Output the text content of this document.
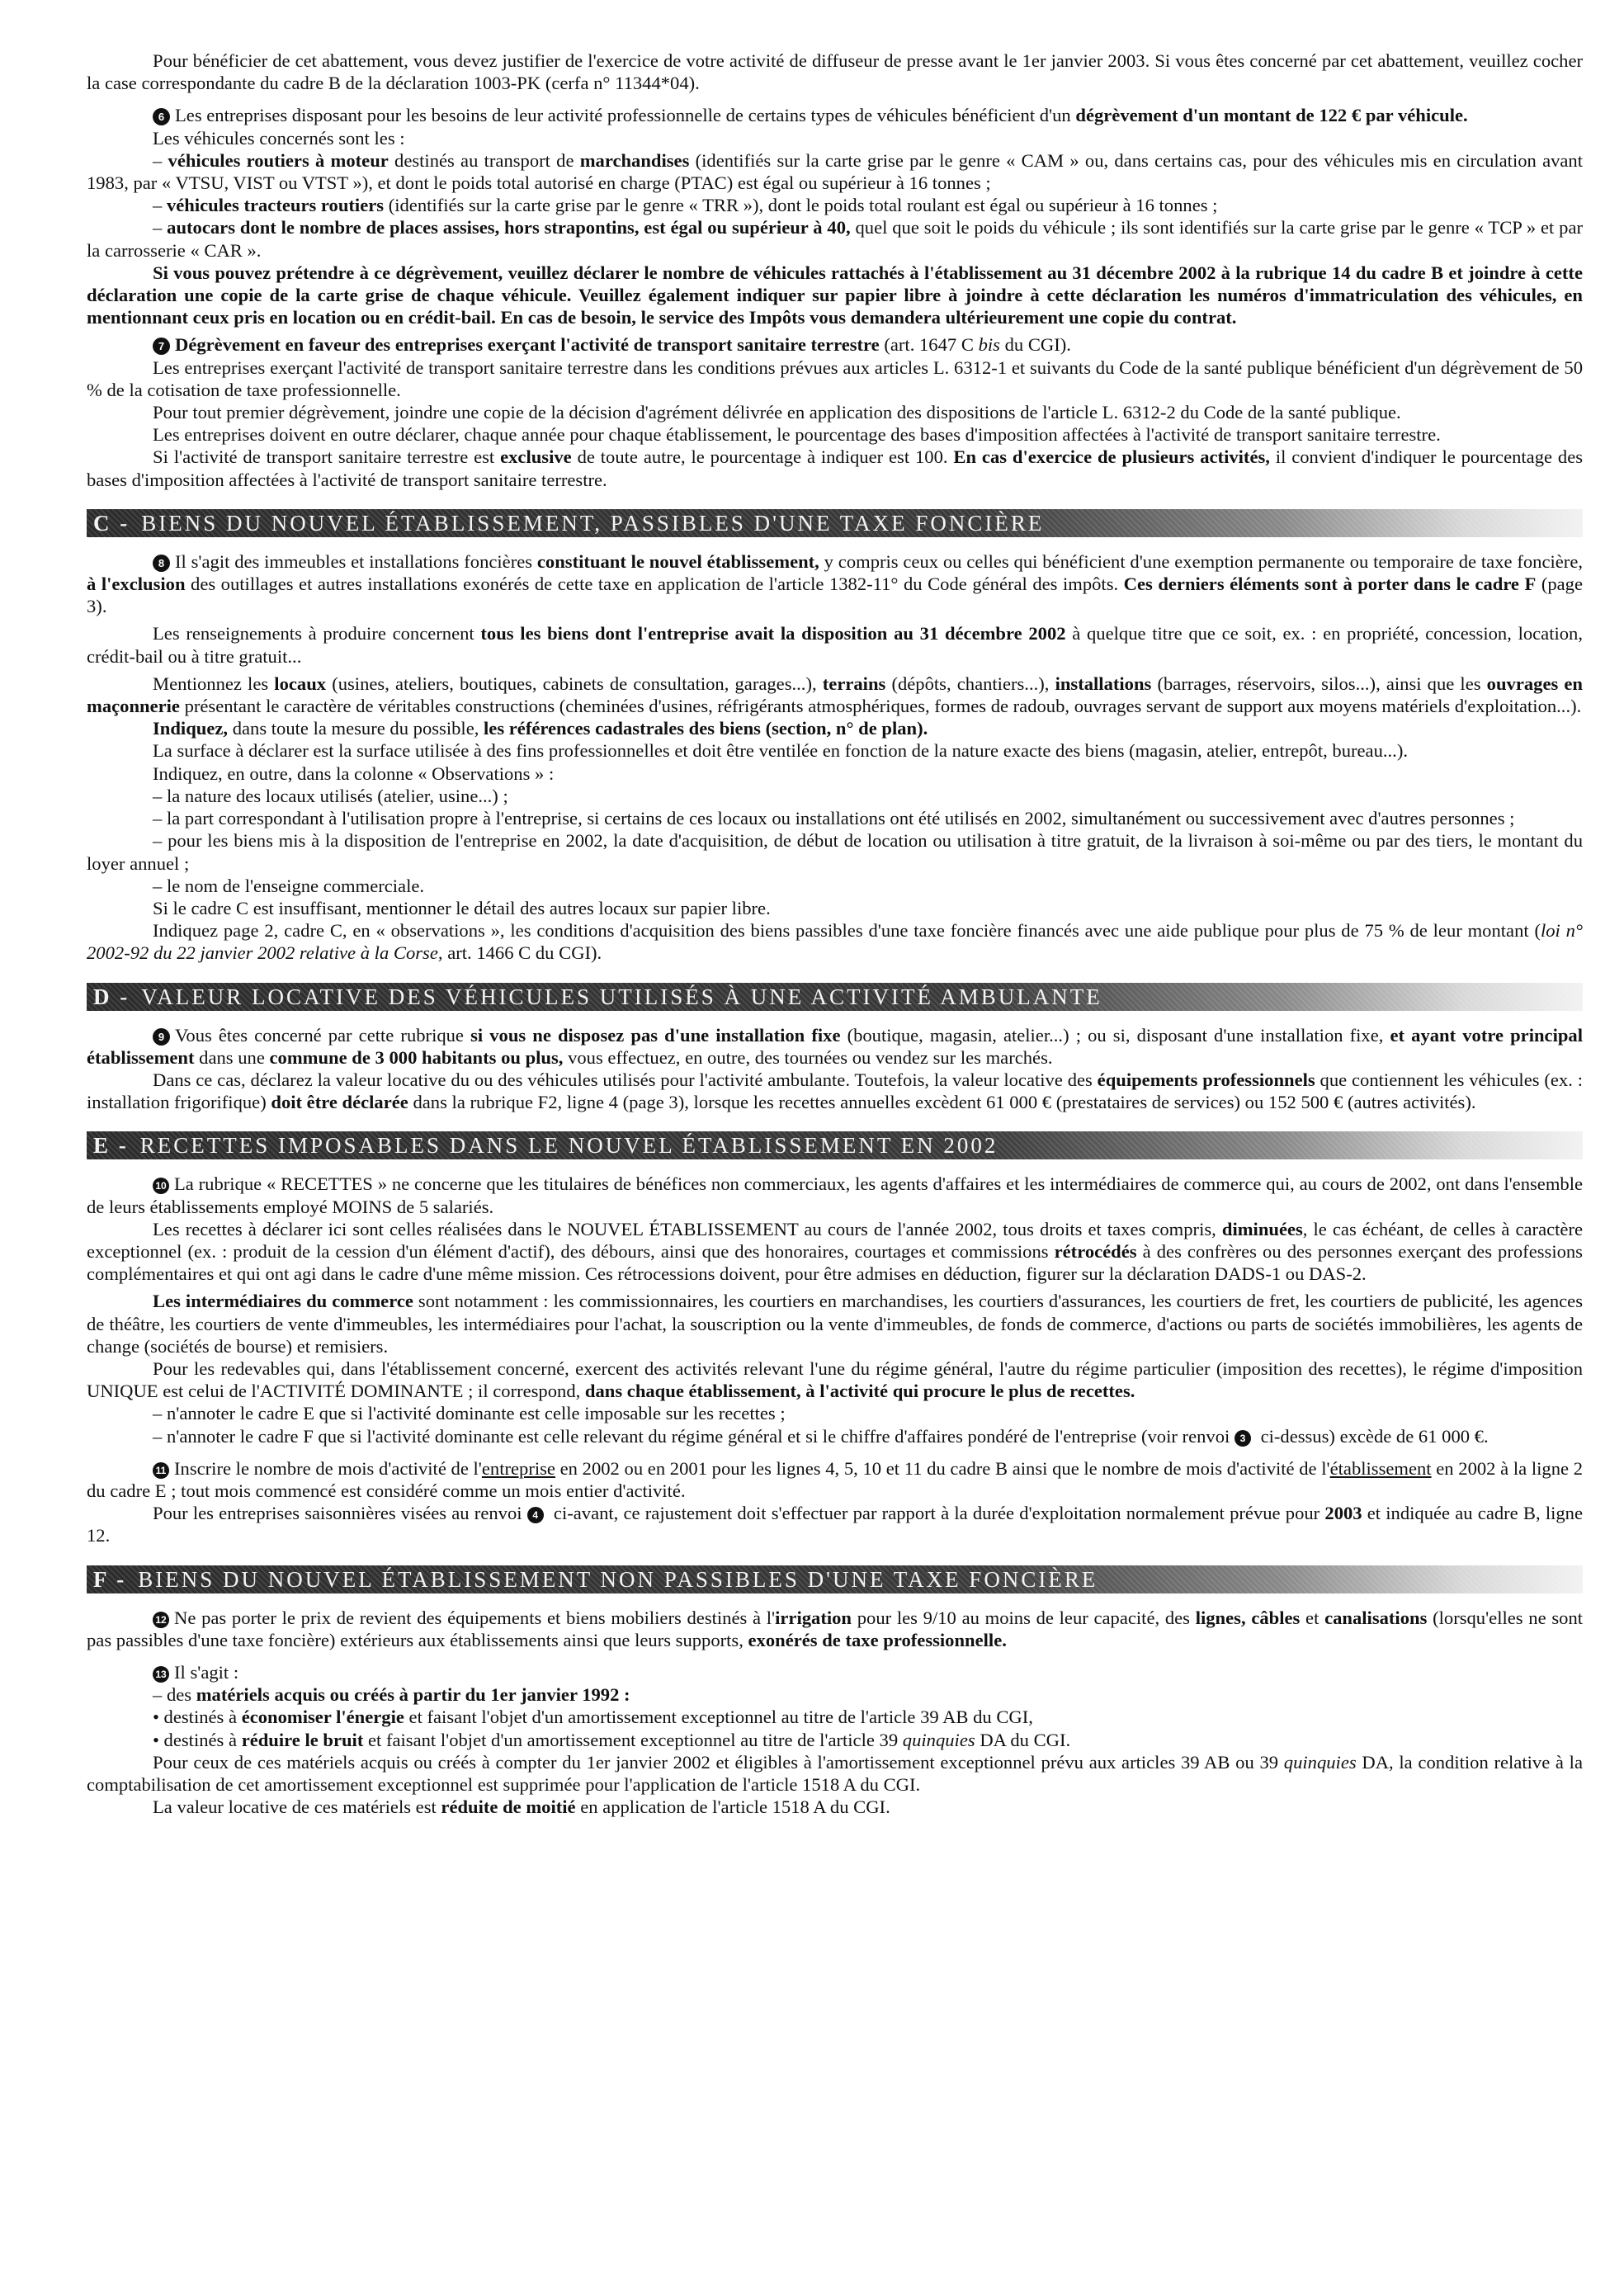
Pour bénéficier de cet abattement, vous devez justifier de l'exercice de votre activité de diffuseur de presse avant le 1er janvier 2003. Si vous êtes concerné par cet abattement, veuillez cocher la case correspondante du cadre B de la déclaration 1003-PK (cerfa n° 11344*04).

6 Les entreprises disposant pour les besoins de leur activité professionnelle de certains types de véhicules bénéficient d'un dégrèvement d'un montant de 122 € par véhicule.

Les véhicules concernés sont les :

– véhicules routiers à moteur destinés au transport de marchandises (identifiés sur la carte grise par le genre « CAM » ou, dans certains cas, pour des véhicules mis en circulation avant 1983, par « VTSU, VIST ou VTST »), et dont le poids total autorisé en charge (PTAC) est égal ou supérieur à 16 tonnes ;

– véhicules tracteurs routiers (identifiés sur la carte grise par le genre « TRR »), dont le poids total roulant est égal ou supérieur à 16 tonnes ;

– autocars dont le nombre de places assises, hors strapontins, est égal ou supérieur à 40, quel que soit le poids du véhicule ; ils sont identifiés sur la carte grise par le genre « TCP » et par la carrosserie « CAR ».

Si vous pouvez prétendre à ce dégrèvement, veuillez déclarer le nombre de véhicules rattachés à l'établissement au 31 décembre 2002 à la rubrique 14 du cadre B et joindre à cette déclaration une copie de la carte grise de chaque véhicule. Veuillez également indiquer sur papier libre à joindre à cette déclaration les numéros d'immatriculation des véhicules, en mentionnant ceux pris en location ou en crédit-bail. En cas de besoin, le service des Impôts vous demandera ultérieurement une copie du contrat.

7 Dégrèvement en faveur des entreprises exerçant l'activité de transport sanitaire terrestre (art. 1647 C bis du CGI).

Les entreprises exerçant l'activité de transport sanitaire terrestre dans les conditions prévues aux articles L. 6312-1 et suivants du Code de la santé publique bénéficient d'un dégrèvement de 50 % de la cotisation de taxe professionnelle.

Pour tout premier dégrèvement, joindre une copie de la décision d'agrément délivrée en application des dispositions de l'article L. 6312-2 du Code de la santé publique.

Les entreprises doivent en outre déclarer, chaque année pour chaque établissement, le pourcentage des bases d'imposition affectées à l'activité de transport sanitaire terrestre.

Si l'activité de transport sanitaire terrestre est exclusive de toute autre, le pourcentage à indiquer est 100. En cas d'exercice de plusieurs activités, il convient d'indiquer le pourcentage des bases d'imposition affectées à l'activité de transport sanitaire terrestre.

C - BIENS DU NOUVEL ÉTABLISSEMENT, PASSIBLES D'UNE TAXE FONCIÈRE

8 Il s'agit des immeubles et installations foncières constituant le nouvel établissement, y compris ceux ou celles qui bénéficient d'une exemption permanente ou temporaire de taxe foncière, à l'exclusion des outillages et autres installations exonérés de cette taxe en application de l'article 1382-11° du Code général des impôts. Ces derniers éléments sont à porter dans le cadre F (page 3).

Les renseignements à produire concernent tous les biens dont l'entreprise avait la disposition au 31 décembre 2002 à quelque titre que ce soit, ex. : en propriété, concession, location, crédit-bail ou à titre gratuit...

Mentionnez les locaux (usines, ateliers, boutiques, cabinets de consultation, garages...), terrains (dépôts, chantiers...), installations (barrages, réservoirs, silos...), ainsi que les ouvrages en maçonnerie présentant le caractère de véritables constructions (cheminées d'usines, réfrigérants atmosphériques, formes de radoub, ouvrages servant de support aux moyens matériels d'exploitation...).

Indiquez, dans toute la mesure du possible, les références cadastrales des biens (section, n° de plan).

La surface à déclarer est la surface utilisée à des fins professionnelles et doit être ventilée en fonction de la nature exacte des biens (magasin, atelier, entrepôt, bureau...).

Indiquez, en outre, dans la colonne « Observations » :

– la nature des locaux utilisés (atelier, usine...) ;

– la part correspondant à l'utilisation propre à l'entreprise, si certains de ces locaux ou installations ont été utilisés en 2002, simultanément ou successivement avec d'autres personnes ;

– pour les biens mis à la disposition de l'entreprise en 2002, la date d'acquisition, de début de location ou utilisation à titre gratuit, de la livraison à soi-même ou par des tiers, le montant du loyer annuel ;

– le nom de l'enseigne commerciale.

Si le cadre C est insuffisant, mentionner le détail des autres locaux sur papier libre.

Indiquez page 2, cadre C, en « observations », les conditions d'acquisition des biens passibles d'une taxe foncière financés avec une aide publique pour plus de 75 % de leur montant (loi n° 2002-92 du 22 janvier 2002 relative à la Corse, art. 1466 C du CGI).

D - VALEUR LOCATIVE DES VÉHICULES UTILISÉS À UNE ACTIVITÉ AMBULANTE

9 Vous êtes concerné par cette rubrique si vous ne disposez pas d'une installation fixe (boutique, magasin, atelier...) ; ou si, disposant d'une installation fixe, et ayant votre principal établissement dans une commune de 3 000 habitants ou plus, vous effectuez, en outre, des tournées ou vendez sur les marchés.

Dans ce cas, déclarez la valeur locative du ou des véhicules utilisés pour l'activité ambulante. Toutefois, la valeur locative des équipements professionnels que contiennent les véhicules (ex. : installation frigorifique) doit être déclarée dans la rubrique F2, ligne 4 (page 3), lorsque les recettes annuelles excèdent 61 000 € (prestataires de services) ou 152 500 € (autres activités).

E - RECETTES IMPOSABLES DANS LE NOUVEL ÉTABLISSEMENT EN 2002

10 La rubrique « RECETTES » ne concerne que les titulaires de bénéfices non commerciaux, les agents d'affaires et les intermédiaires de commerce qui, au cours de 2002, ont dans l'ensemble de leurs établissements employé MOINS de 5 salariés.

Les recettes à déclarer ici sont celles réalisées dans le NOUVEL ÉTABLISSEMENT au cours de l'année 2002, tous droits et taxes compris, diminuées, le cas échéant, de celles à caractère exceptionnel (ex. : produit de la cession d'un élément d'actif), des débours, ainsi que des honoraires, courtages et commissions rétrocédés à des confrères ou des personnes exerçant des professions complémentaires et qui ont agi dans le cadre d'une même mission. Ces rétrocessions doivent, pour être admises en déduction, figurer sur la déclaration DADS-1 ou DAS-2.

Les intermédiaires du commerce sont notamment : les commissionnaires, les courtiers en marchandises, les courtiers d'assurances, les courtiers de fret, les courtiers de publicité, les agences de théâtre, les courtiers de vente d'immeubles, les intermédiaires pour l'achat, la souscription ou la vente d'immeubles, de fonds de commerce, d'actions ou parts de sociétés immobilières, les agents de change (sociétés de bourse) et remisiers.

Pour les redevables qui, dans l'établissement concerné, exercent des activités relevant l'une du régime général, l'autre du régime particulier (imposition des recettes), le régime d'imposition UNIQUE est celui de l'ACTIVITÉ DOMINANTE ; il correspond, dans chaque établissement, à l'activité qui procure le plus de recettes.

– n'annoter le cadre E que si l'activité dominante est celle imposable sur les recettes ;

– n'annoter le cadre F que si l'activité dominante est celle relevant du régime général et si le chiffre d'affaires pondéré de l'entreprise (voir renvoi 3 ci-dessus) excède de 61 000 €.

11 Inscrire le nombre de mois d'activité de l'entreprise en 2002 ou en 2001 pour les lignes 4, 5, 10 et 11 du cadre B ainsi que le nombre de mois d'activité de l'établissement en 2002 à la ligne 2 du cadre E ; tout mois commencé est considéré comme un mois entier d'activité.

Pour les entreprises saisonnières visées au renvoi 4 ci-avant, ce rajustement doit s'effectuer par rapport à la durée d'exploitation normalement prévue pour 2003 et indiquée au cadre B, ligne 12.

F - BIENS DU NOUVEL ÉTABLISSEMENT NON PASSIBLES D'UNE TAXE FONCIÈRE

12 Ne pas porter le prix de revient des équipements et biens mobiliers destinés à l'irrigation pour les 9/10 au moins de leur capacité, des lignes, câbles et canalisations (lorsqu'elles ne sont pas passibles d'une taxe foncière) extérieurs aux établissements ainsi que leurs supports, exonérés de taxe professionnelle.

13 Il s'agit :

– des matériels acquis ou créés à partir du 1er janvier 1992 :

• destinés à économiser l'énergie et faisant l'objet d'un amortissement exceptionnel au titre de l'article 39 AB du CGI,

• destinés à réduire le bruit et faisant l'objet d'un amortissement exceptionnel au titre de l'article 39 quinquies DA du CGI.

Pour ceux de ces matériels acquis ou créés à compter du 1er janvier 2002 et éligibles à l'amortissement exceptionnel prévu aux articles 39 AB ou 39 quinquies DA, la condition relative à la comptabilisation de cet amortissement exceptionnel est supprimée pour l'application de l'article 1518 A du CGI.

La valeur locative de ces matériels est réduite de moitié en application de l'article 1518 A du CGI.
